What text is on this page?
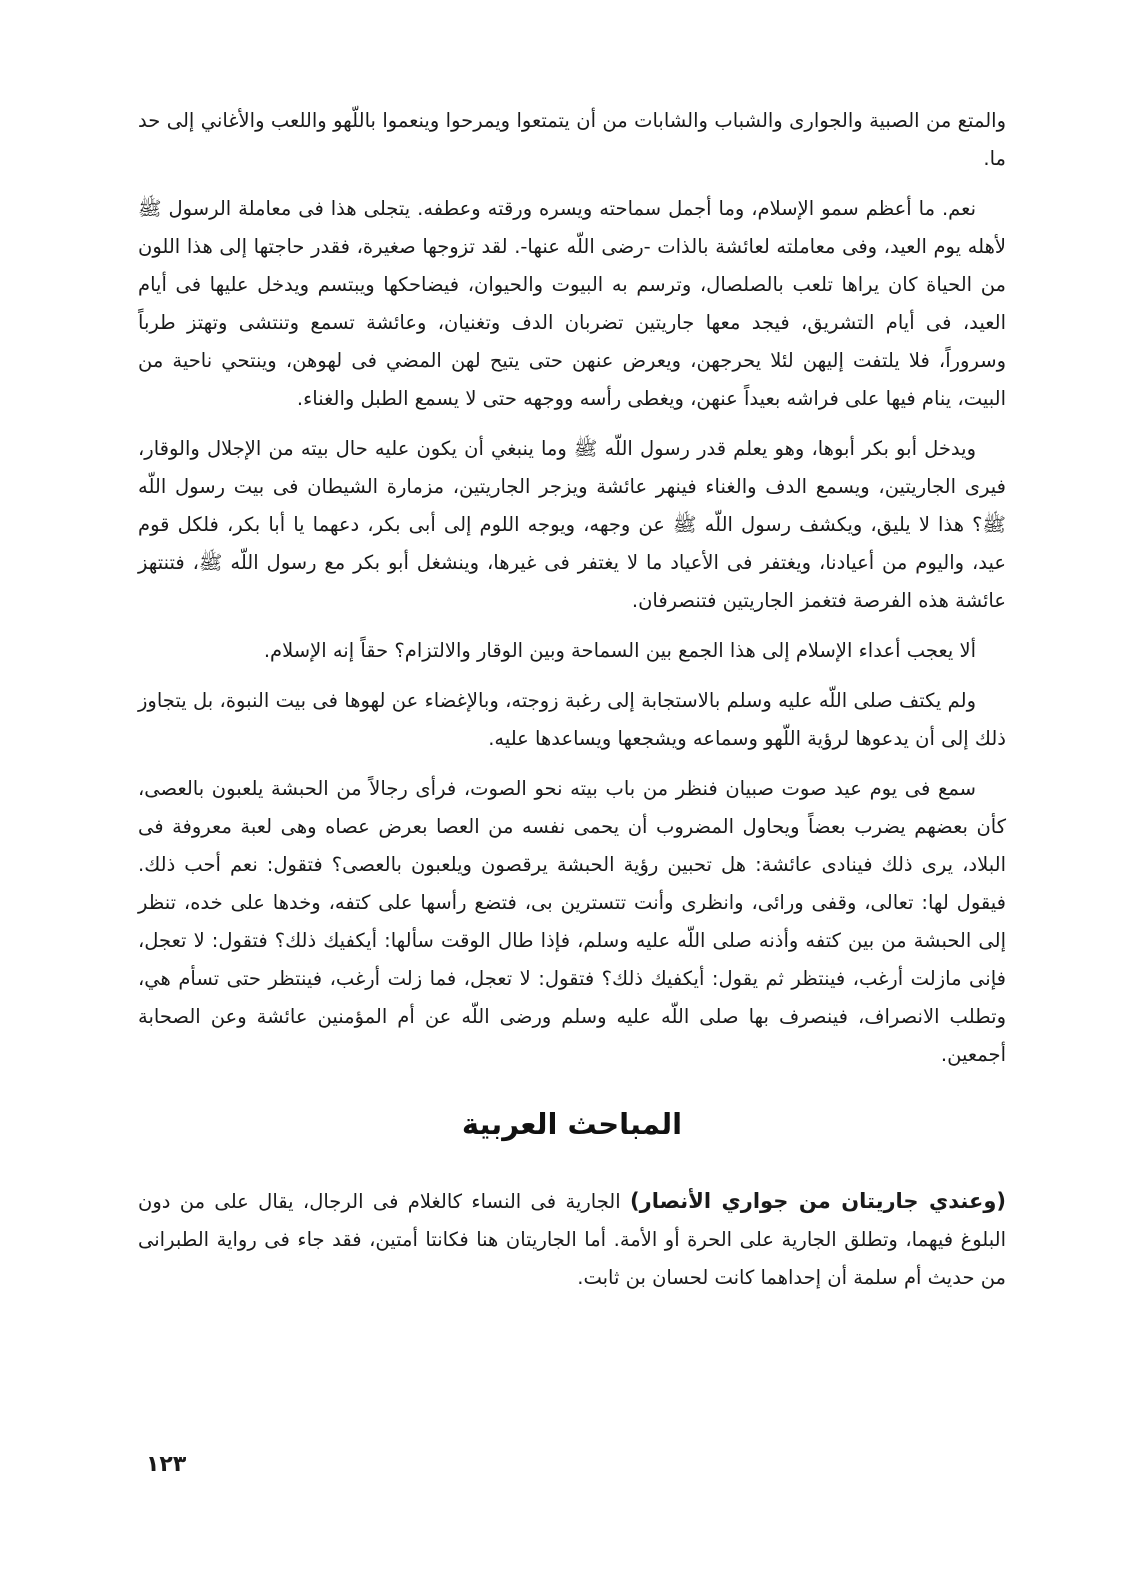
والمتع من الصبية والجوارى والشباب والشابات من أن يتمتعوا ويمرحوا وينعموا باللّهو واللعب والأغاني إلى حد ما.

نعم. ما أعظم سمو الإسلام، وما أجمل سماحته ويسره ورقته وعطفه. يتجلى هذا فى معاملة الرسول ﷺ لأهله يوم العيد، وفى معاملته لعائشة بالذات -رضى اللّه عنها-. لقد تزوجها صغيرة، فقدر حاجتها إلى هذا اللون من الحياة كان يراها تلعب بالصلصال، وترسم به البيوت والحيوان، فيضاحكها ويبتسم ويدخل عليها فى أيام العيد، فى أيام التشريق، فيجد معها جاريتين تضربان الدف وتغنيان، وعائشة تسمع وتنتشى وتهتز طرباً وسروراً، فلا يلتفت إليهن لئلا يحرجهن، ويعرض عنهن حتى يتيح لهن المضي فى لهوهن، وينتحي ناحية من البيت، ينام فيها على فراشه بعيداً عنهن، ويغطى رأسه ووجهه حتى لا يسمع الطبل والغناء.

ويدخل أبو بكر أبوها، وهو يعلم قدر رسول اللّه ﷺ وما ينبغي أن يكون عليه حال بيته من الإجلال والوقار، فيرى الجاريتين، ويسمع الدف والغناء فينهر عائشة ويزجر الجاريتين، مزمارة الشيطان فى بيت رسول اللّه ﷺ؟ هذا لا يليق، ويكشف رسول اللّه ﷺ عن وجهه، ويوجه اللوم إلى أبى بكر، دعهما يا أبا بكر، فلكل قوم عيد، واليوم من أعيادنا، ويغتفر فى الأعياد ما لا يغتفر فى غيرها، وينشغل أبو بكر مع رسول اللّه ﷺ، فتنتهز عائشة هذه الفرصة فتغمز الجاريتين فتنصرفان.

ألا يعجب أعداء الإسلام إلى هذا الجمع بين السماحة وبين الوقار والالتزام؟ حقاً إنه الإسلام.

ولم يكتف صلى اللّه عليه وسلم بالاستجابة إلى رغبة زوجته، وبالإغضاء عن لهوها فى بيت النبوة، بل يتجاوز ذلك إلى أن يدعوها لرؤية اللّهو وسماعه ويشجعها ويساعدها عليه.

سمع فى يوم عيد صوت صبيان فنظر من باب بيته نحو الصوت، فرأى رجالاً من الحبشة يلعبون بالعصى، كأن بعضهم يضرب بعضاً ويحاول المضروب أن يحمى نفسه من العصا بعرض عصاه وهى لعبة معروفة فى البلاد، يرى ذلك فينادى عائشة: هل تحبين رؤية الحبشة يرقصون ويلعبون بالعصى؟ فتقول: نعم أحب ذلك. فيقول لها: تعالى، وقفى ورائى، وانظرى وأنت تتسترين بى، فتضع رأسها على كتفه، وخدها على خده، تنظر إلى الحبشة من بين كتفه وأذنه صلى اللّه عليه وسلم، فإذا طال الوقت سألها: أيكفيك ذلك؟ فتقول: لا تعجل، فإنى مازلت أرغب، فينتظر ثم يقول: أيكفيك ذلك؟ فتقول: لا تعجل، فما زلت أرغب، فينتظر حتى تسأم هي، وتطلب الانصراف، فينصرف بها صلى اللّه عليه وسلم ورضى اللّه عن أم المؤمنين عائشة وعن الصحابة أجمعين.

المباحث العربية

(وعندي جاريتان من جواري الأنصار) الجارية فى النساء كالغلام فى الرجال، يقال على من دون البلوغ فيهما، وتطلق الجارية على الحرة أو الأمة. أما الجاريتان هنا فكانتا أمتين، فقد جاء فى رواية الطبرانى من حديث أم سلمة أن إحداهما كانت لحسان بن ثابت.

١٢٣
